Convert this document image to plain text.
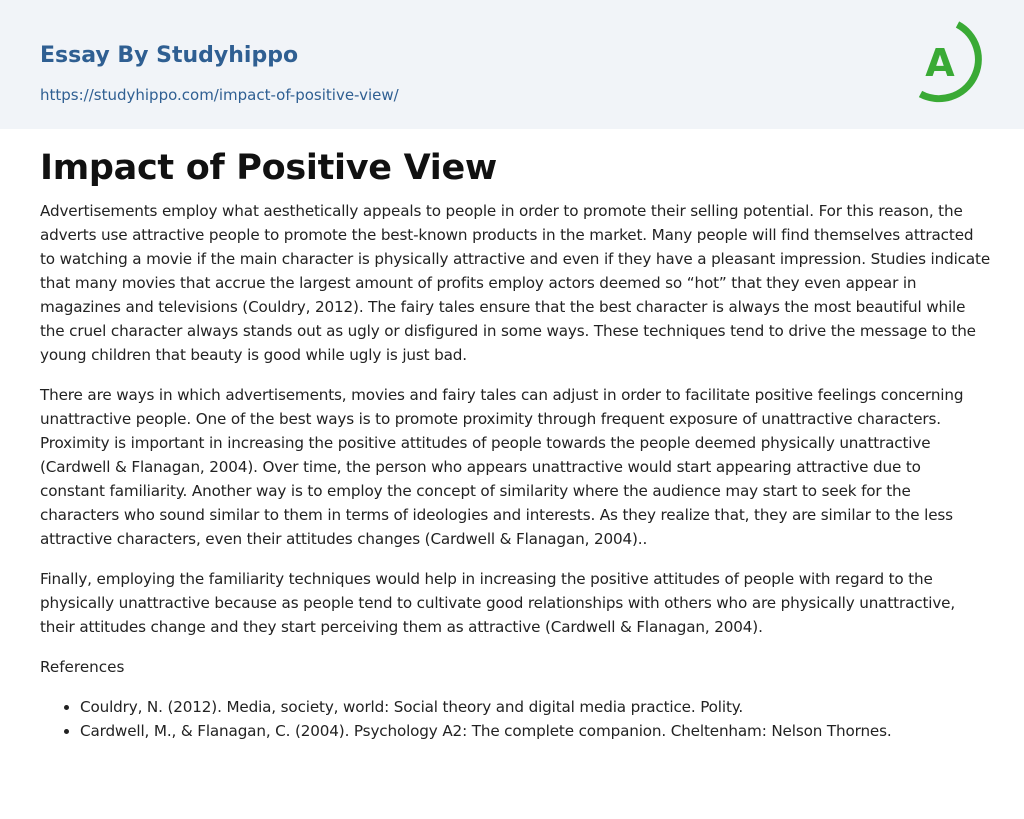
Essay By Studyhippo
https://studyhippo.com/impact-of-positive-view/
A
Impact of Positive View

Advertisements employ what aesthetically appeals to people in order to promote their selling potential. For this reason, the adverts use attractive people to promote the best-known products in the market. Many people will find themselves attracted to watching a movie if the main character is physically attractive and even if they have a pleasant impression. Studies indicate that many movies that accrue the largest amount of profits employ actors deemed so “hot” that they even appear in magazines and televisions (Couldry, 2012). The fairy tales ensure that the best character is always the most beautiful while the cruel character always stands out as ugly or disfigured in some ways. These techniques tend to drive the message to the young children that beauty is good while ugly is just bad.

There are ways in which advertisements, movies and fairy tales can adjust in order to facilitate positive feelings concerning unattractive people. One of the best ways is to promote proximity through frequent exposure of unattractive characters. Proximity is important in increasing the positive attitudes of people towards the people deemed physically unattractive (Cardwell & Flanagan, 2004). Over time, the person who appears unattractive would start appearing attractive due to constant familiarity. Another way is to employ the concept of similarity where the audience may start to seek for the characters who sound similar to them in terms of ideologies and interests. As they realize that, they are similar to the less attractive characters, even their attitudes changes (Cardwell & Flanagan, 2004)..

Finally, employing the familiarity techniques would help in increasing the positive attitudes of people with regard to the physically unattractive because as people tend to cultivate good relationships with others who are physically unattractive, their attitudes change and they start perceiving them as attractive (Cardwell & Flanagan, 2004).

References

• Couldry, N. (2012). Media, society, world: Social theory and digital media practice. Polity.
• Cardwell, M., & Flanagan, C. (2004). Psychology A2: The complete companion. Cheltenham: Nelson Thornes.
